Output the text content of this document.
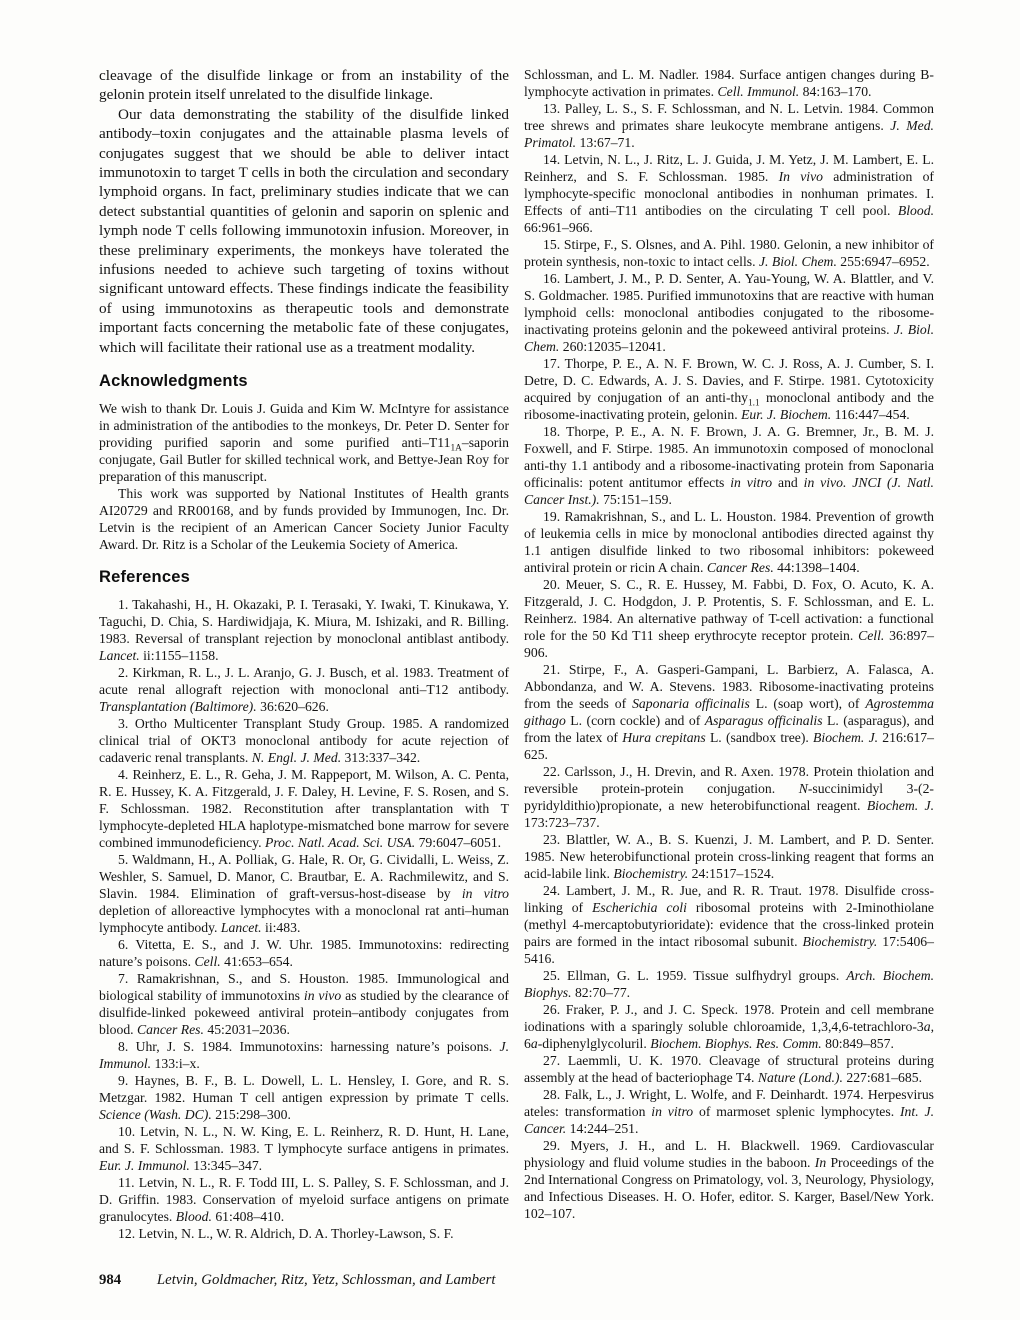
cleavage of the disulfide linkage or from an instability of the gelonin protein itself unrelated to the disulfide linkage.

Our data demonstrating the stability of the disulfide linked antibody–toxin conjugates and the attainable plasma levels of conjugates suggest that we should be able to deliver intact immunotoxin to target T cells in both the circulation and secondary lymphoid organs. In fact, preliminary studies indicate that we can detect substantial quantities of gelonin and saporin on splenic and lymph node T cells following immunotoxin infusion. Moreover, in these preliminary experiments, the monkeys have tolerated the infusions needed to achieve such targeting of toxins without significant untoward effects. These findings indicate the feasibility of using immunotoxins as therapeutic tools and demonstrate important facts concerning the metabolic fate of these conjugates, which will facilitate their rational use as a treatment modality.

Acknowledgments

We wish to thank Dr. Louis J. Guida and Kim W. McIntyre for assistance in administration of the antibodies to the monkeys, Dr. Peter D. Senter for providing purified saporin and some purified anti–$T11_{1A}$–saporin conjugate, Gail Butler for skilled technical work, and Bettye-Jean Roy for preparation of this manuscript.

This work was supported by National Institutes of Health grants AI20729 and RR00168, and by funds provided by Immunogen, Inc. Dr. Letvin is the recipient of an American Cancer Society Junior Faculty Award. Dr. Ritz is a Scholar of the Leukemia Society of America.

References

1. Takahashi, H., H. Okazaki, P. I. Terasaki, Y. Iwaki, T. Kinukawa, Y. Taguchi, D. Chia, S. Hardiwidjaja, K. Miura, M. Ishizaki, and R. Billing. 1983. Reversal of transplant rejection by monoclonal antiblast antibody. Lancet. ii:1155–1158.

2. Kirkman, R. L., J. L. Aranjo, G. J. Busch, et al. 1983. Treatment of acute renal allograft rejection with monoclonal anti–T12 antibody. Transplantation (Baltimore). 36:620–626.

3. Ortho Multicenter Transplant Study Group. 1985. A randomized clinical trial of OKT3 monoclonal antibody for acute rejection of cadaveric renal transplants. N. Engl. J. Med. 313:337–342.

4. Reinherz, E. L., R. Geha, J. M. Rappeport, M. Wilson, A. C. Penta, R. E. Hussey, K. A. Fitzgerald, J. F. Daley, H. Levine, F. S. Rosen, and S. F. Schlossman. 1982. Reconstitution after transplantation with T lymphocyte-depleted HLA haplotype-mismatched bone marrow for severe combined immunodeficiency. Proc. Natl. Acad. Sci. USA. 79:6047–6051.

5. Waldmann, H., A. Polliak, G. Hale, R. Or, G. Cividalli, L. Weiss, Z. Weshler, S. Samuel, D. Manor, C. Brautbar, E. A. Rachmilewitz, and S. Slavin. 1984. Elimination of graft-versus-host-disease by in vitro depletion of alloreactive lymphocytes with a monoclonal rat anti–human lymphocyte antibody. Lancet. ii:483.

6. Vitetta, E. S., and J. W. Uhr. 1985. Immunotoxins: redirecting nature’s poisons. Cell. 41:653–654.

7. Ramakrishnan, S., and S. Houston. 1985. Immunological and biological stability of immunotoxins in vivo as studied by the clearance of disulfide-linked pokeweed antiviral protein–antibody conjugates from blood. Cancer Res. 45:2031–2036.

8. Uhr, J. S. 1984. Immunotoxins: harnessing nature’s poisons. J. Immunol. 133:i–x.

9. Haynes, B. F., B. L. Dowell, L. L. Hensley, I. Gore, and R. S. Metzgar. 1982. Human T cell antigen expression by primate T cells. Science (Wash. DC). 215:298–300.

10. Letvin, N. L., N. W. King, E. L. Reinherz, R. D. Hunt, H. Lane, and S. F. Schlossman. 1983. T lymphocyte surface antigens in primates. Eur. J. Immunol. 13:345–347.

11. Letvin, N. L., R. F. Todd III, L. S. Palley, S. F. Schlossman, and J. D. Griffin. 1983. Conservation of myeloid surface antigens on primate granulocytes. Blood. 61:408–410.

12. Letvin, N. L., W. R. Aldrich, D. A. Thorley-Lawson, S. F.

Schlossman, and L. M. Nadler. 1984. Surface antigen changes during B-lymphocyte activation in primates. Cell. Immunol. 84:163–170.

13. Palley, L. S., S. F. Schlossman, and N. L. Letvin. 1984. Common tree shrews and primates share leukocyte membrane antigens. J. Med. Primatol. 13:67–71.

14. Letvin, N. L., J. Ritz, L. J. Guida, J. M. Yetz, J. M. Lambert, E. L. Reinherz, and S. F. Schlossman. 1985. In vivo administration of lymphocyte-specific monoclonal antibodies in nonhuman primates. I. Effects of anti–T11 antibodies on the circulating T cell pool. Blood. 66:961–966.

15. Stirpe, F., S. Olsnes, and A. Pihl. 1980. Gelonin, a new inhibitor of protein synthesis, non-toxic to intact cells. J. Biol. Chem. 255:6947–6952.

16. Lambert, J. M., P. D. Senter, A. Yau-Young, W. A. Blattler, and V. S. Goldmacher. 1985. Purified immunotoxins that are reactive with human lymphoid cells: monoclonal antibodies conjugated to the ribosome-inactivating proteins gelonin and the pokeweed antiviral proteins. J. Biol. Chem. 260:12035–12041.

17. Thorpe, P. E., A. N. F. Brown, W. C. J. Ross, A. J. Cumber, S. I. Detre, D. C. Edwards, A. J. S. Davies, and F. Stirpe. 1981. Cytotoxicity acquired by conjugation of an anti-thy$_{1.1}$ monoclonal antibody and the ribosome-inactivating protein, gelonin. Eur. J. Biochem. 116:447–454.

18. Thorpe, P. E., A. N. F. Brown, J. A. G. Bremner, Jr., B. M. J. Foxwell, and F. Stirpe. 1985. An immunotoxin composed of monoclonal anti-thy 1.1 antibody and a ribosome-inactivating protein from Saponaria officinalis: potent antitumor effects in vitro and in vivo. JNCI (J. Natl. Cancer Inst.). 75:151–159.

19. Ramakrishnan, S., and L. L. Houston. 1984. Prevention of growth of leukemia cells in mice by monoclonal antibodies directed against thy 1.1 antigen disulfide linked to two ribosomal inhibitors: pokeweed antiviral protein or ricin A chain. Cancer Res. 44:1398–1404.

20. Meuer, S. C., R. E. Hussey, M. Fabbi, D. Fox, O. Acuto, K. A. Fitzgerald, J. C. Hodgdon, J. P. Protentis, S. F. Schlossman, and E. L. Reinherz. 1984. An alternative pathway of T-cell activation: a functional role for the 50 Kd T11 sheep erythrocyte receptor protein. Cell. 36:897–906.

21. Stirpe, F., A. Gasperi-Gampani, L. Barbierz, A. Falasca, A. Abbondanza, and W. A. Stevens. 1983. Ribosome-inactivating proteins from the seeds of Saponaria officinalis L. (soap wort), of Agrostemma githago L. (corn cockle) and of Asparagus officinalis L. (asparagus), and from the latex of Hura crepitans L. (sandbox tree). Biochem. J. 216:617–625.

22. Carlsson, J., H. Drevin, and R. Axen. 1978. Protein thiolation and reversible protein-protein conjugation. N-succinimidyl 3-(2-pyridyldithio)propionate, a new heterobifunctional reagent. Biochem. J. 173:723–737.

23. Blattler, W. A., B. S. Kuenzi, J. M. Lambert, and P. D. Senter. 1985. New heterobifunctional protein cross-linking reagent that forms an acid-labile link. Biochemistry. 24:1517–1524.

24. Lambert, J. M., R. Jue, and R. R. Traut. 1978. Disulfide cross-linking of Escherichia coli ribosomal proteins with 2-Iminothiolane (methyl 4-mercaptobutyrioridate): evidence that the cross-linked protein pairs are formed in the intact ribosomal subunit. Biochemistry. 17:5406–5416.

25. Ellman, G. L. 1959. Tissue sulfhydryl groups. Arch. Biochem. Biophys. 82:70–77.

26. Fraker, P. J., and J. C. Speck. 1978. Protein and cell membrane iodinations with a sparingly soluble chloroamide, 1,3,4,6-tetrachloro-3a, 6a-diphenylglycoluril. Biochem. Biophys. Res. Comm. 80:849–857.

27. Laemmli, U. K. 1970. Cleavage of structural proteins during assembly at the head of bacteriophage T4. Nature (Lond.). 227:681–685.

28. Falk, L., J. Wright, L. Wolfe, and F. Deinhardt. 1974. Herpesvirus ateles: transformation in vitro of marmoset splenic lymphocytes. Int. J. Cancer. 14:244–251.

29. Myers, J. H., and L. H. Blackwell. 1969. Cardiovascular physiology and fluid volume studies in the baboon. In Proceedings of the 2nd International Congress on Primatology, vol. 3, Neurology, Physiology, and Infectious Diseases. H. O. Hofer, editor. S. Karger, Basel/New York. 102–107.

984 Letvin, Goldmacher, Ritz, Yetz, Schlossman, and Lambert
